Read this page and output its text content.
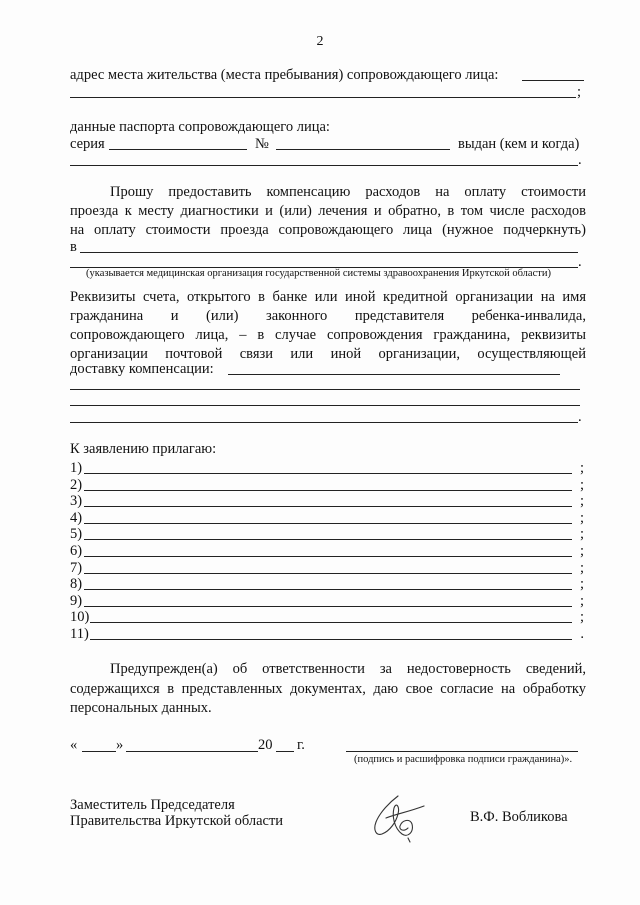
2
адрес места жительства (места пребывания) сопровождающего лица:
;
данные паспорта сопровождающего лица:
серия	№	выдан (кем и когда)
.
Прошу предоставить компенсацию расходов на оплату стоимости
проезда к месту диагностики и (или) лечения и обратно, в том числе расходов
на оплату стоимости проезда сопровождающего лица (нужное подчеркнуть)
в
.
(указывается медицинская организация государственной системы здравоохранения Иркутской области)
Реквизиты счета, открытого в банке или иной кредитной организации на имя
гражданина и (или) законного представителя ребенка-инвалида,
сопровождающего лица, – в случае сопровождения гражданина, реквизиты
организации почтовой связи или иной организации, осуществляющей
доставку компенсации:
.
К заявлению прилагаю:
1)	;
2)	;
3)	;
4)	;
5)	;
6)	;
7)	;
8)	;
9)	;
10)	;
11)	.
Предупрежден(а) об ответственности за недостоверность сведений,
содержащихся в представленных документах, даю свое согласие на обработку
персональных данных.
«	»	20 г.
(подпись и расшифровка подписи гражданина)».
Заместитель Председателя
Правительства Иркутской области	В.Ф. Вобликова
